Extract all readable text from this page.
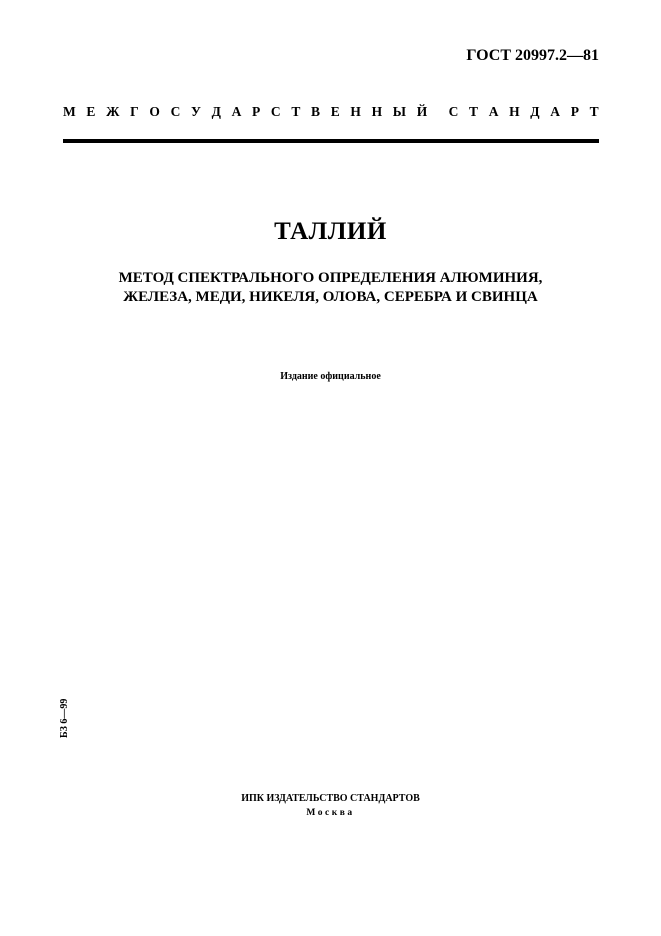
ГОСТ 20997.2—81
М Е Ж Г О С У Д А Р С Т В Е Н Н Ы Й С Т А Н Д А Р Т
ТАЛЛИЙ
МЕТОД СПЕКТРАЛЬНОГО ОПРЕДЕЛЕНИЯ АЛЮМИНИЯ,
ЖЕЛЕЗА, МЕДИ, НИКЕЛЯ, ОЛОВА, СЕРЕБРА И СВИНЦА
Издание официальное
БЗ 6—99
ИПК ИЗДАТЕЛЬСТВО СТАНДАРТОВ
Москва
